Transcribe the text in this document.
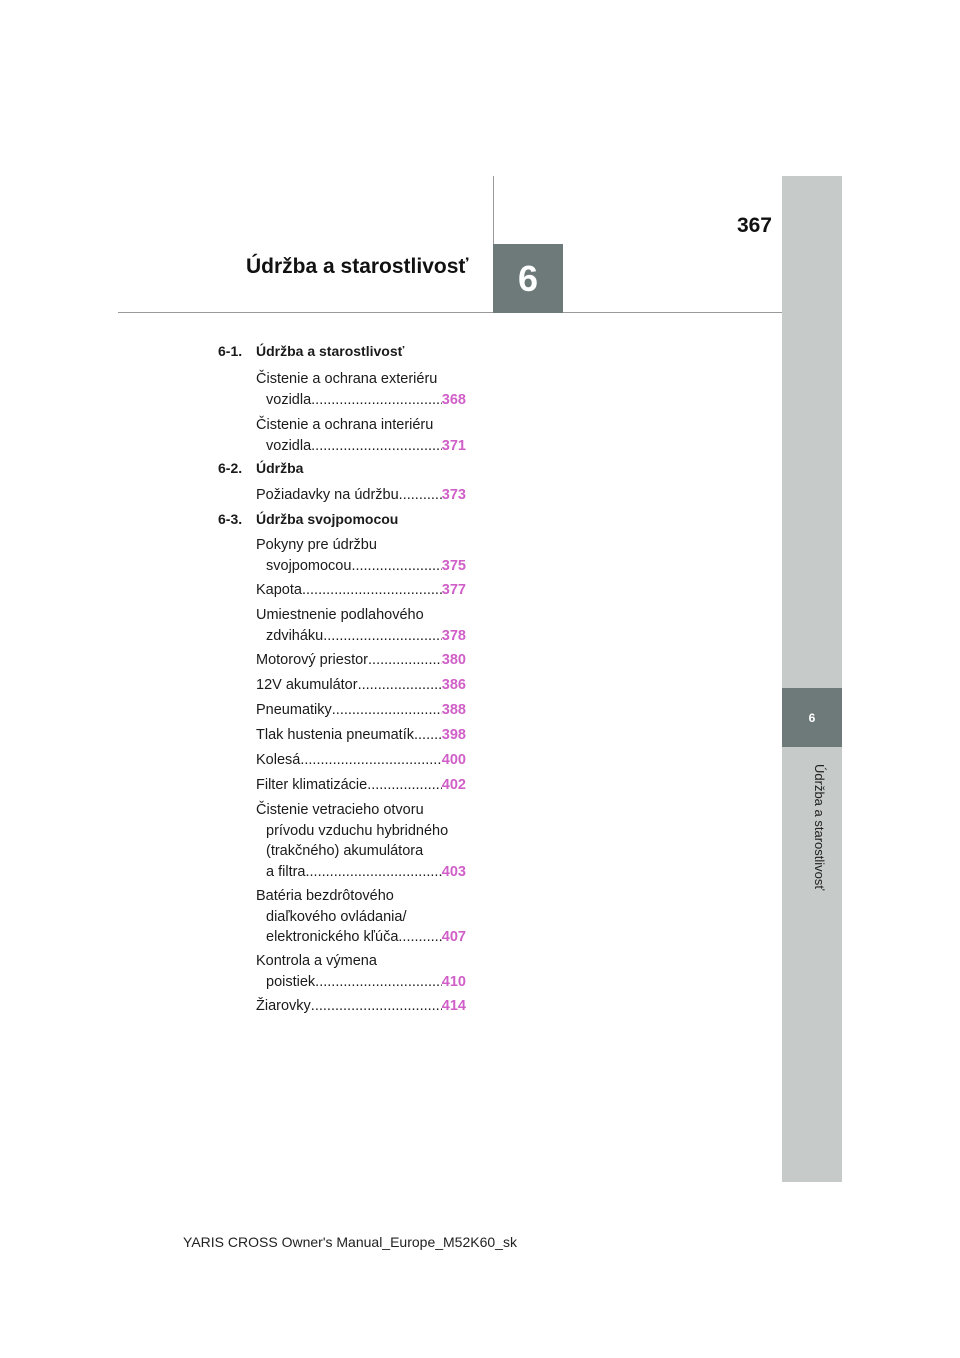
367
6
Údržba a starostlivosť
6
Údržba a starostlivosť
6-1. Údržba a starostlivosť
Čistenie a ochrana exteriéru
vozidla .....	368
Čistenie a ochrana interiéru
vozidla .....	371
6-2. Údržba
Požiadavky na údržbu .....	373
6-3. Údržba svojpomocou
Pokyny pre údržbu
svojpomocou .....	375
Kapota .....	377
Umiestnenie podlahového
zdviháku .....	378
Motorový priestor .....	380
12V akumulátor .....	386
Pneumatiky .....	388
Tlak hustenia pneumatík ..... 398
Kolesá .....	400
Filter klimatizácie .....	402
Čistenie vetracieho otvoru
prívodu vzduchu hybridného
(trakčného) akumulátora
a filtra .....	403
Batéria bezdrôtového
diaľkového ovládania/
elektronického kľúča .....	407
Kontrola a výmena
poistiek .....	410
Žiarovky .....	414
YARIS CROSS Owner's Manual_Europe_M52K60_sk
